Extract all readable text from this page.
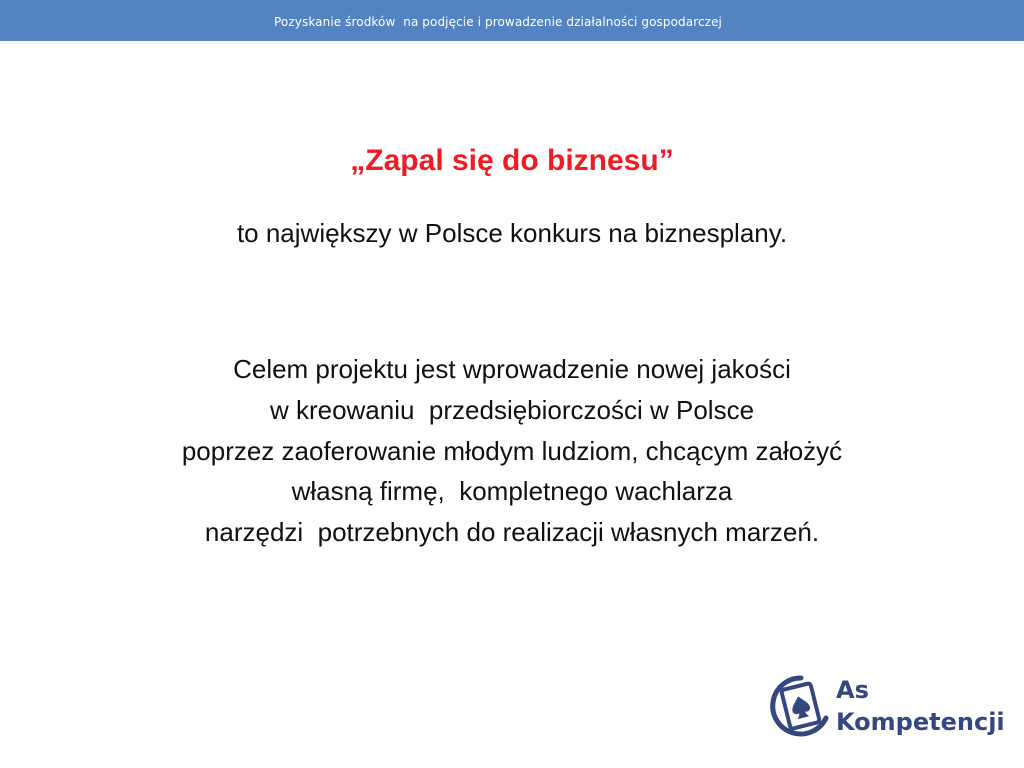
Pozyskanie środków  na podjęcie i prowadzenie działalności gospodarczej
„Zapal się do biznesu”
to największy w Polsce konkurs na biznesplany.
Celem projektu jest wprowadzenie nowej jakości
w kreowaniu  przedsiębiorczości w Polsce
poprzez zaoferowanie młodym ludziom, chcącym założyć
własną firmę,  kompletnego wachlarza
narzędzi  potrzebnych do realizacji własnych marzeń.
As
Kompetencji
